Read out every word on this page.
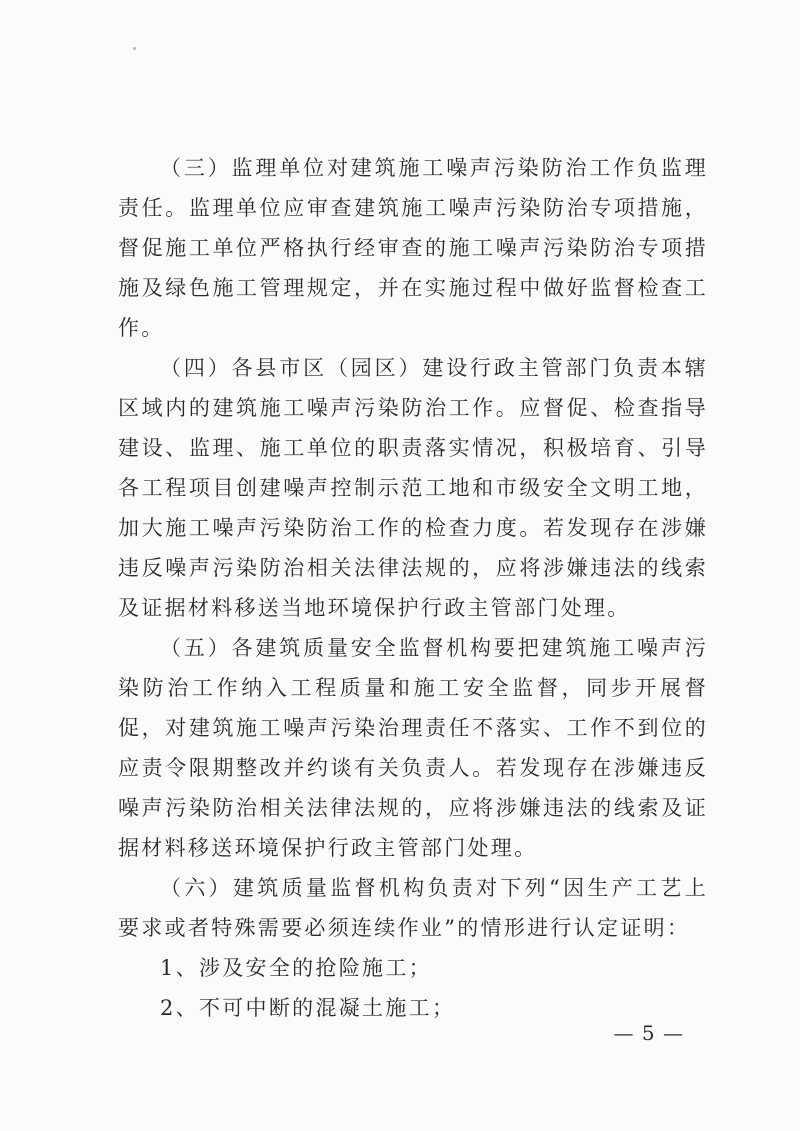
（三）监理单位对建筑施工噪声污染防治工作负监理责任。监理单位应审查建筑施工噪声污染防治专项措施，督促施工单位严格执行经审查的施工噪声污染防治专项措施及绿色施工管理规定，并在实施过程中做好监督检查工作。

（四）各县市区（园区）建设行政主管部门负责本辖区域内的建筑施工噪声污染防治工作。应督促、检查指导建设、监理、施工单位的职责落实情况，积极培育、引导各工程项目创建噪声控制示范工地和市级安全文明工地，加大施工噪声污染防治工作的检查力度。若发现存在涉嫌违反噪声污染防治相关法律法规的，应将涉嫌违法的线索及证据材料移送当地环境保护行政主管部门处理。

（五）各建筑质量安全监督机构要把建筑施工噪声污染防治工作纳入工程质量和施工安全监督，同步开展督促，对建筑施工噪声污染治理责任不落实、工作不到位的应责令限期整改并约谈有关负责人。若发现存在涉嫌违反噪声污染防治相关法律法规的，应将涉嫌违法的线索及证据材料移送环境保护行政主管部门处理。

（六）建筑质量监督机构负责对下列“因生产工艺上要求或者特殊需要必须连续作业”的情形进行认定证明：

1、涉及安全的抢险施工；

2、不可中断的混凝土施工；

— 5 —
